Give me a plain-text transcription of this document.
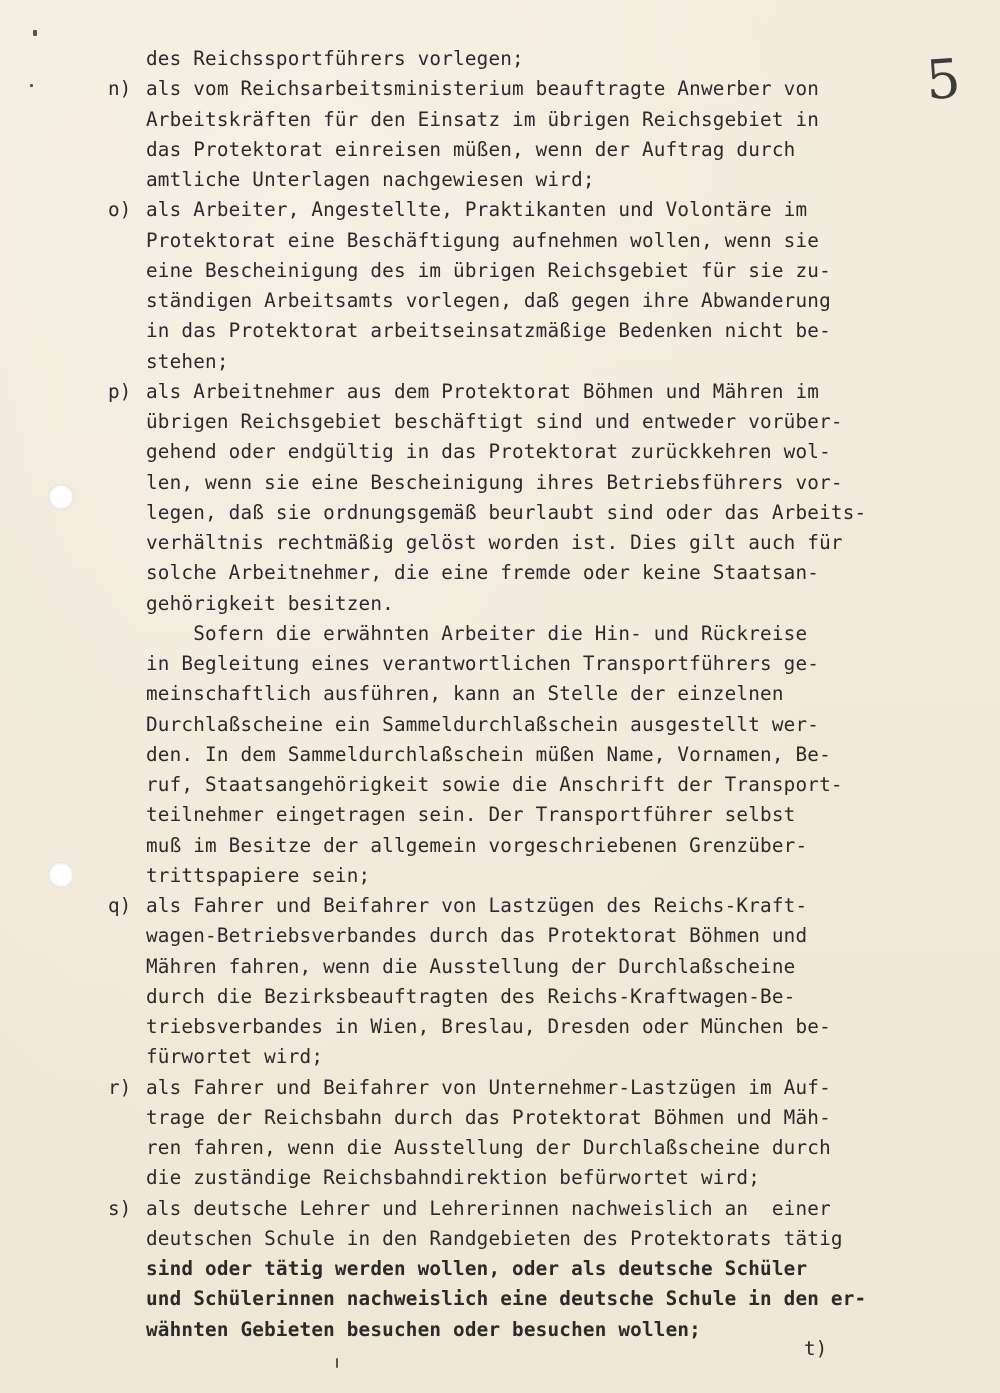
5
des Reichssportführers vorlegen;
n) als vom Reichsarbeitsministerium beauftragte Anwerber von
Arbeitskräften für den Einsatz im übrigen Reichsgebiet in
das Protektorat einreisen müßen, wenn der Auftrag durch
amtliche Unterlagen nachgewiesen wird;
o) als Arbeiter, Angestellte, Praktikanten und Volontäre im
Protektorat eine Beschäftigung aufnehmen wollen, wenn sie
eine Bescheinigung des im übrigen Reichsgebiet für sie zu-
ständigen Arbeitsamts vorlegen, daß gegen ihre Abwanderung
in das Protektorat arbeitseinsatzmäßige Bedenken nicht be-
stehen;
p) als Arbeitnehmer aus dem Protektorat Böhmen und Mähren im
übrigen Reichsgebiet beschäftigt sind und entweder vorüber-
gehend oder endgültig in das Protektorat zurückkehren wol-
len, wenn sie eine Bescheinigung ihres Betriebsführers vor-
legen, daß sie ordnungsgemäß beurlaubt sind oder das Arbeits-
verhältnis rechtmäßig gelöst worden ist. Dies gilt auch für
solche Arbeitnehmer, die eine fremde oder keine Staatsan-
gehörigkeit besitzen.
Sofern die erwähnten Arbeiter die Hin- und Rückreise
in Begleitung eines verantwortlichen Transportführers ge-
meinschaftlich ausführen, kann an Stelle der einzelnen
Durchlaßscheine ein Sammeldurchlaßschein ausgestellt wer-
den. In dem Sammeldurchlaßschein müßen Name, Vornamen, Be-
ruf, Staatsangehörigkeit sowie die Anschrift der Transport-
teilnehmer eingetragen sein. Der Transportführer selbst
muß im Besitze der allgemein vorgeschriebenen Grenzüber-
trittspapiere sein;
q) als Fahrer und Beifahrer von Lastzügen des Reichs-Kraft-
wagen-Betriebsverbandes durch das Protektorat Böhmen und
Mähren fahren, wenn die Ausstellung der Durchlaßscheine
durch die Bezirksbeauftragten des Reichs-Kraftwagen-Be-
triebsverbandes in Wien, Breslau, Dresden oder München be-
fürwortet wird;
r) als Fahrer und Beifahrer von Unternehmer-Lastzügen im Auf-
trage der Reichsbahn durch das Protektorat Böhmen und Mäh-
ren fahren, wenn die Ausstellung der Durchlaßscheine durch
die zuständige Reichsbahndirektion befürwortet wird;
s) als deutsche Lehrer und Lehrerinnen nachweislich an  einer
deutschen Schule in den Randgebieten des Protektorats tätig
sind oder tätig werden wollen, oder als deutsche Schüler
und Schülerinnen nachweislich eine deutsche Schule in den er-
wähnten Gebieten besuchen oder besuchen wollen;
t)
